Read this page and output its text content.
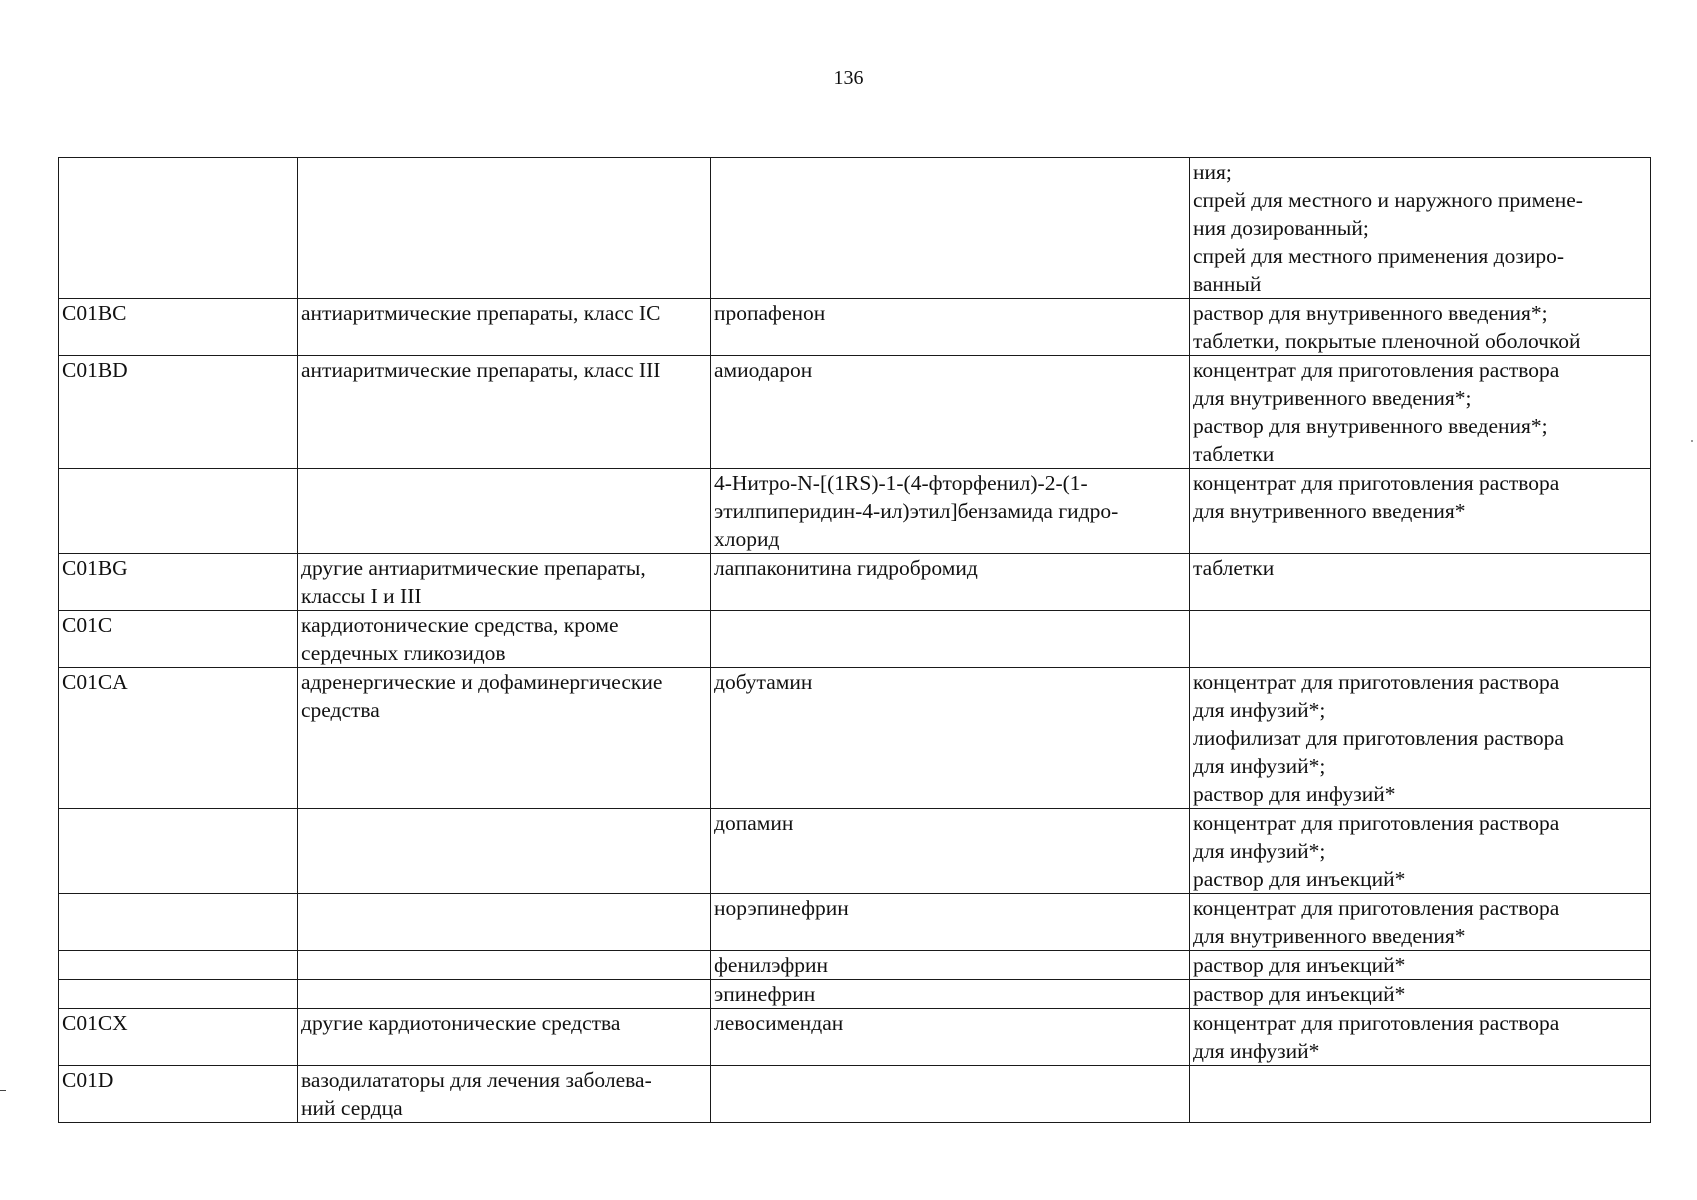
136

			ния;
спрей для местного и наружного примене-
ния дозированный;
спрей для местного применения дозиро-
ванный

C01BC	антиаритмические препараты, класс IC	пропафенон	раствор для внутривенного введения*;
таблетки, покрытые пленочной оболочкой

C01BD	антиаритмические препараты, класс III	амиодарон	концентрат для приготовления раствора
для внутривенного введения*;
раствор для внутривенного введения*;
таблетки

		4-Нитро-N-[(1RS)-1-(4-фторфенил)-2-(1-
этилпиперидин-4-ил)этил]бензамида гидро-
хлорид	концентрат для приготовления раствора
для внутривенного введения*

C01BG	другие антиаритмические препараты,
классы I и III	лаппаконитина гидробромид	таблетки

C01C	кардиотонические средства, кроме
сердечных гликозидов		

C01CA	адренергические и дофаминергические
средства	добутамин	концентрат для приготовления раствора
для инфузий*;
лиофилизат для приготовления раствора
для инфузий*;
раствор для инфузий*

		допамин	концентрат для приготовления раствора
для инфузий*;
раствор для инъекций*

		норэпинефрин	концентрат для приготовления раствора
для внутривенного введения*

		фенилэфрин	раствор для инъекций*

		эпинефрин	раствор для инъекций*

C01CX	другие кардиотонические средства	левосимендан	концентрат для приготовления раствора
для инфузий*

C01D	вазодилататоры для лечения заболева-
ний сердца		
